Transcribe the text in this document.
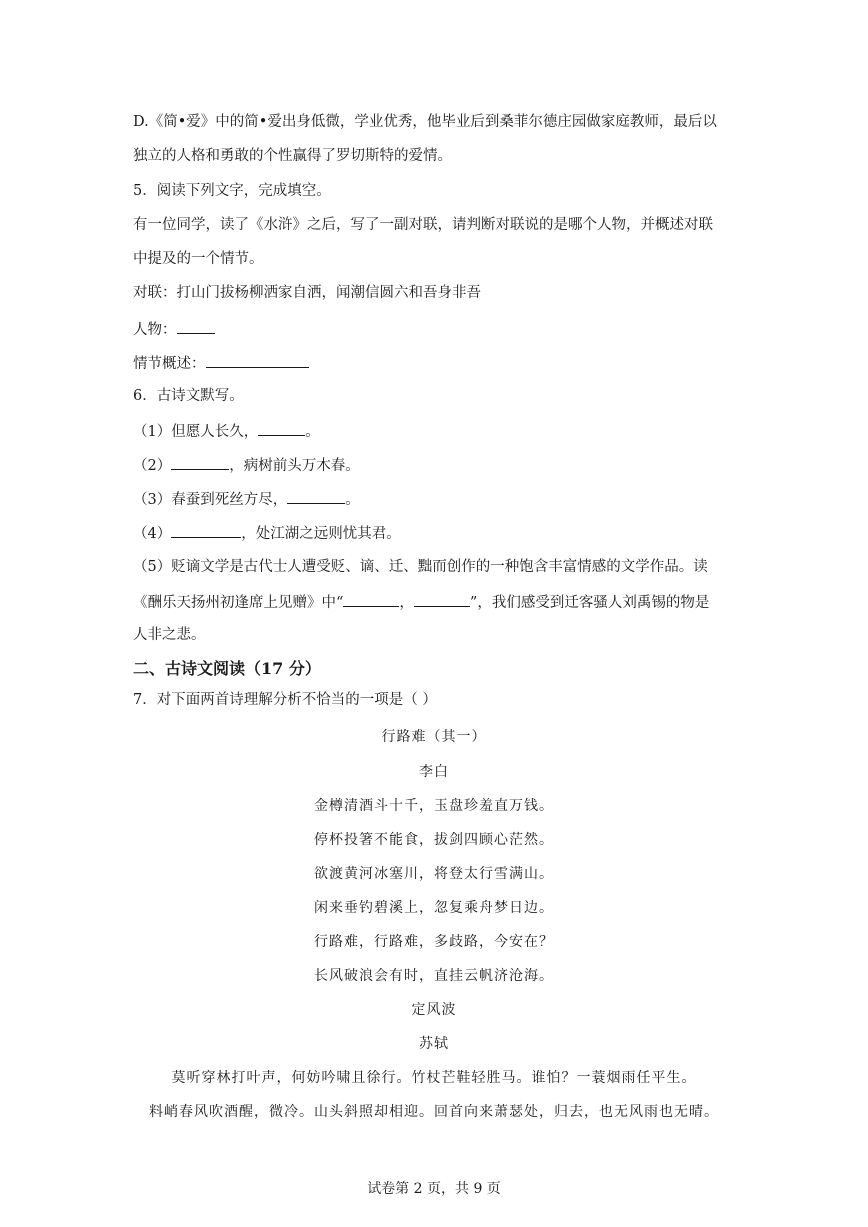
D.《简•爱》中的简•爱出身低微，学业优秀，他毕业后到桑菲尔德庄园做家庭教师，最后以
独立的人格和勇敢的个性赢得了罗切斯特的爱情。
5．阅读下列文字，完成填空。
有一位同学，读了《水浒》之后，写了一副对联，请判断对联说的是哪个人物，并概述对联
中提及的一个情节。
对联：打山门拔杨柳洒家自洒，闻潮信圆六和吾身非吾
人物：
情节概述：
6．古诗文默写。
（1）但愿人长久，	。
（2）	，病树前头万木春。
（3）春蚕到死丝方尽，	。
（4）	，处江湖之远则忧其君。
（5）贬谪文学是古代士人遭受贬、谪、迁、黜而创作的一种饱含丰富情感的文学作品。读
《酬乐天扬州初逢席上见赠》中“	，	”，我们感受到迁客骚人刘禹锡的物是
人非之悲。
二、古诗文阅读（17 分）
7．对下面两首诗理解分析不恰当的一项是（ ）
行路难（其一）
李白
金樽清酒斗十千，玉盘珍羞直万钱。
停杯投箸不能食，拔剑四顾心茫然。
欲渡黄河冰塞川，将登太行雪满山。
闲来垂钓碧溪上，忽复乘舟梦日边。
行路难，行路难，多歧路，今安在？
长风破浪会有时，直挂云帆济沧海。
定风波
苏轼
莫听穿林打叶声，何妨吟啸且徐行。竹杖芒鞋轻胜马。谁怕？一蓑烟雨任平生。
料峭春风吹酒醒，微冷。山头斜照却相迎。回首向来萧瑟处，归去，也无风雨也无晴。
试卷第 2 页，共 9 页
